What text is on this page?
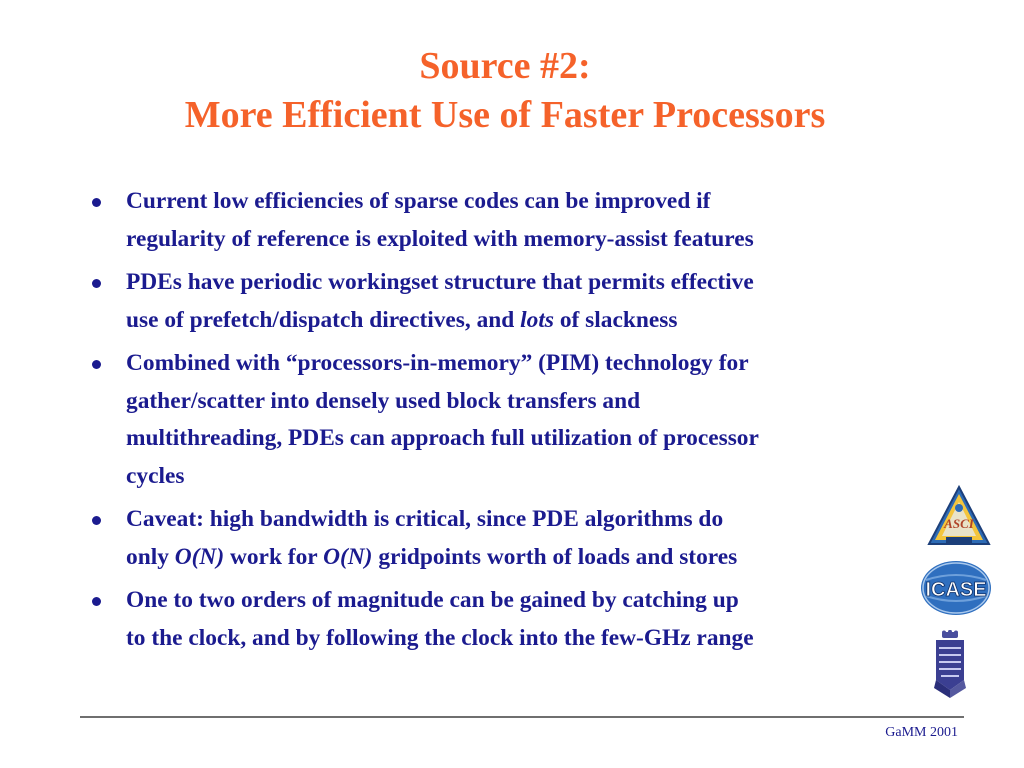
Source #2:
More Efficient Use of Faster Processors
Current low efficiencies of sparse codes can be improved if
regularity of reference is exploited with memory-assist features
PDEs have periodic workingset structure that permits effective
use of prefetch/dispatch directives, and lots of slackness
Combined with “processors-in-memory” (PIM) technology for
gather/scatter into densely used block transfers and
multithreading, PDEs can approach full utilization of processor
cycles
Caveat: high bandwidth is critical, since PDE algorithms do
only O(N) work for O(N) gridpoints worth of loads and stores
One to two orders of magnitude can be gained by catching up
to the clock, and by following the clock into the few-GHz range
ASCI
ICASE
GaMM 2001
